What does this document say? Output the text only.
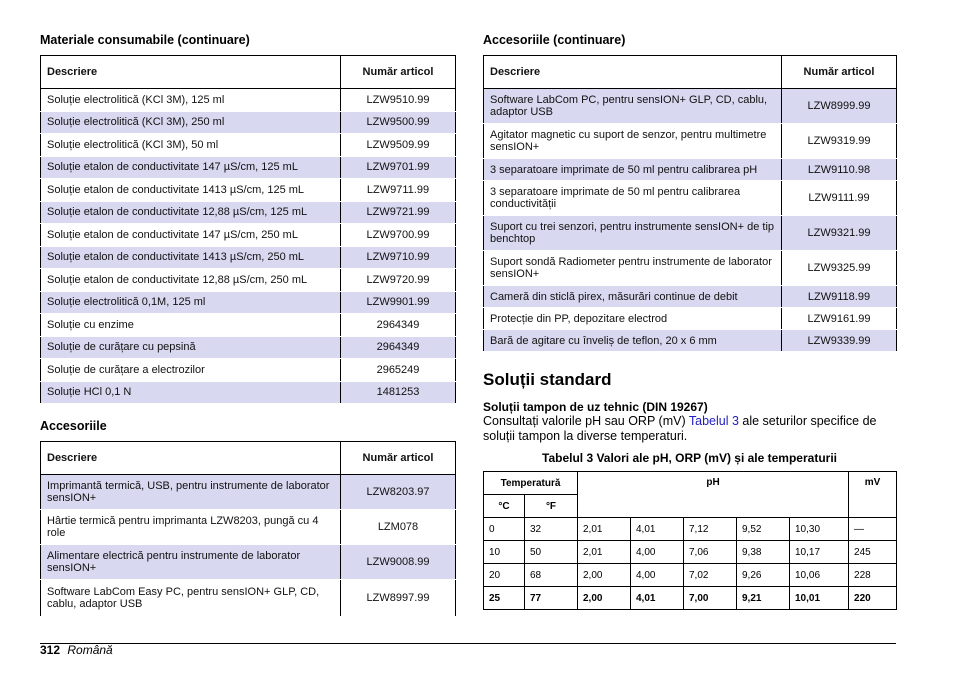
Materiale consumabile (continuare)
Descriere	Număr articol
Soluție electrolitică (KCl 3M), 125 ml	LZW9510.99
Soluție electrolitică (KCl 3M), 250 ml	LZW9500.99
Soluție electrolitică (KCl 3M), 50 ml	LZW9509.99
Soluție etalon de conductivitate 147 µS/cm, 125 mL	LZW9701.99
Soluție etalon de conductivitate 1413 µS/cm, 125 mL	LZW9711.99
Soluție etalon de conductivitate 12,88 µS/cm, 125 mL	LZW9721.99
Soluție etalon de conductivitate 147 µS/cm, 250 mL	LZW9700.99
Soluție etalon de conductivitate 1413 µS/cm, 250 mL	LZW9710.99
Soluție etalon de conductivitate 12,88 µS/cm, 250 mL	LZW9720.99
Soluție electrolitică 0,1M, 125 ml	LZW9901.99
Soluție cu enzime	2964349
Soluție de curățare cu pepsină	2964349
Soluție de curățare a electrozilor	2965249
Soluție HCl 0,1 N	1481253
Accesoriile
Descriere	Număr articol
Imprimantă termică, USB, pentru instrumente de laborator sensION+	LZW8203.97
Hârtie termică pentru imprimanta LZW8203, pungă cu 4 role	LZM078
Alimentare electrică pentru instrumente de laborator sensION+	LZW9008.99
Software LabCom Easy PC, pentru sensION+ GLP, CD, cablu, adaptor USB	LZW8997.99
Accesoriile (continuare)
Descriere	Număr articol
Software LabCom PC, pentru sensION+ GLP, CD, cablu, adaptor USB	LZW8999.99
Agitator magnetic cu suport de senzor, pentru multimetre sensION+	LZW9319.99
3 separatoare imprimate de 50 ml pentru calibrarea pH	LZW9110.98
3 separatoare imprimate de 50 ml pentru calibrarea conductivității	LZW9111.99
Suport cu trei senzori, pentru instrumente sensION+ de tip benchtop	LZW9321.99
Suport sondă Radiometer pentru instrumente de laborator sensION+	LZW9325.99
Cameră din sticlă pirex, măsurări continue de debit	LZW9118.99
Protecție din PP, depozitare electrod	LZW9161.99
Bară de agitare cu înveliș de teflon, 20 x 6 mm	LZW9339.99
Soluții standard
Soluții tampon de uz tehnic (DIN 19267)
Consultați valorile pH sau ORP (mV) Tabelul 3 ale seturilor specifice de
soluții tampon la diverse temperaturi.
Tabelul 3 Valori ale pH, ORP (mV) și ale temperaturii
Temperatură		pH					mV
°C	°F						
0	32	2,01	4,01	7,12	9,52	10,30	—
10	50	2,01	4,00	7,06	9,38	10,17	245
20	68	2,00	4,00	7,02	9,26	10,06	228
25	77	2,00	4,01	7,00	9,21	10,01	220
312 Română
